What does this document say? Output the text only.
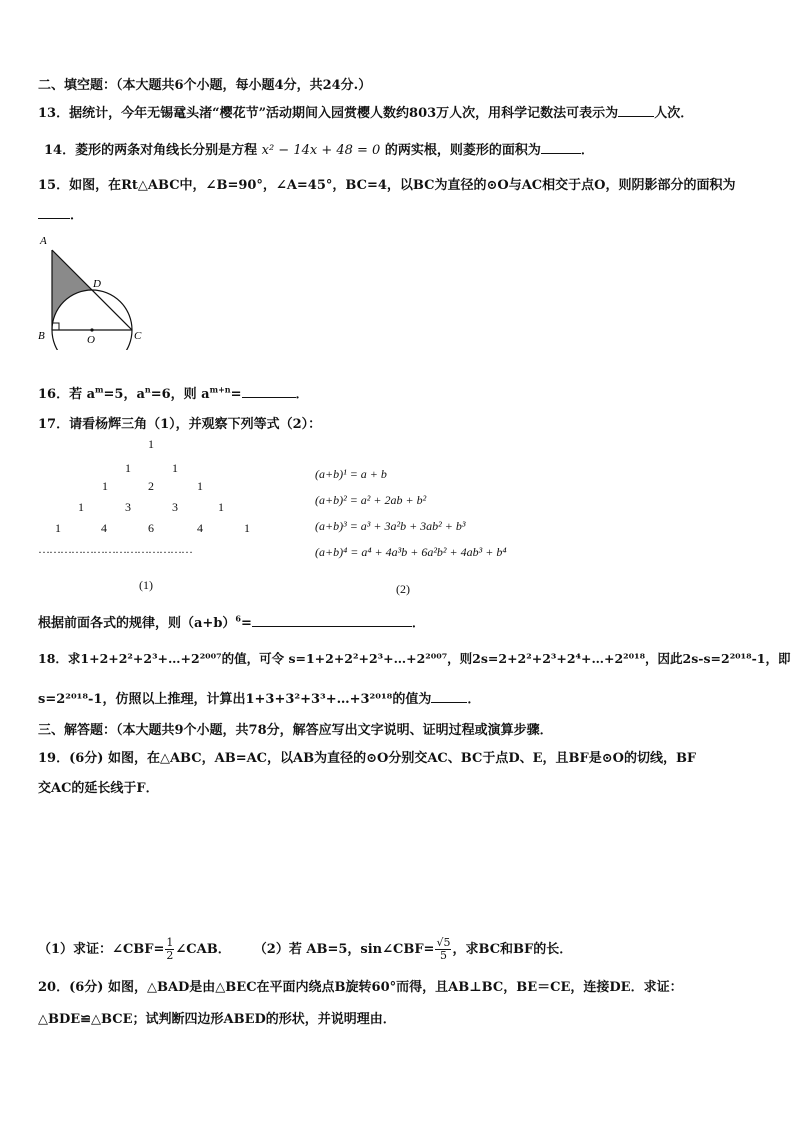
二、填空题：（本大题共6个小题，每小题4分，共24分.）
13．据统计，今年无锡鼋头渚“樱花节”活动期间入园赏樱人数约803万人次，用科学记数法可表示为	人次．
14．菱形的两条对角线长分别是方程 x² − 14x + 48 = 0 的两实根，则菱形的面积为	．
15．如图，在Rt△ABC中，∠B=90°，∠A=45°，BC=4，以BC为直径的⊙O与AC相交于点O，则阴影部分的面积为
．
A
D
B	O	C
16．若 $a^m=5$，$a^n=6$，则 $a^{m+n}=$	．
17．请看杨辉三角（1），并观察下列等式（2）：
1
1	1
1	2	1
1	3	3	1
1	4	6	4	1
……………………………………
(1)
(a+b)¹ = a + b
(a+b)² = a² + 2ab + b²
(a+b)³ = a³ + 3a²b + 3ab² + b³
(a+b)⁴ = a⁴ + 4a³b + 6a²b² + 4ab³ + b⁴
(2)
根据前面各式的规律，则$(a+b)^6=$	．
18．求1+2+2²+2³+…+2²⁰⁰⁷的值，可令 s=1+2+2²+2³+…+2²⁰⁰⁷，则2s=2+2²+2³+2⁴+…+2²⁰¹⁸，因此2s-s=2²⁰¹⁸-1，即
s=2²⁰¹⁸-1，仿照以上推理，计算出1+3+3²+3³+…+3²⁰¹⁸的值为	．
三、解答题：（本大题共9个小题，共78分，解答应写出文字说明、证明过程或演算步骤．
19．(6分) 如图，在△ABC，AB=AC，以AB为直径的⊙O分别交AC、BC于点D、E，且BF是⊙O的切线，BF
交AC的延长线于F．
（1）求证：∠CBF= $\frac{1}{2}$ ∠CAB． （2）若 AB=5，sin∠CBF= $\frac{√5}{5}$ ，求BC和BF的长．
20．(6分) 如图，△BAD是由△BEC在平面内绕点B旋转60°而得，且AB⊥BC，BE＝CE，连接DE．求证：
△BDE≌△BCE；试判断四边形ABED的形状，并说明理由．
